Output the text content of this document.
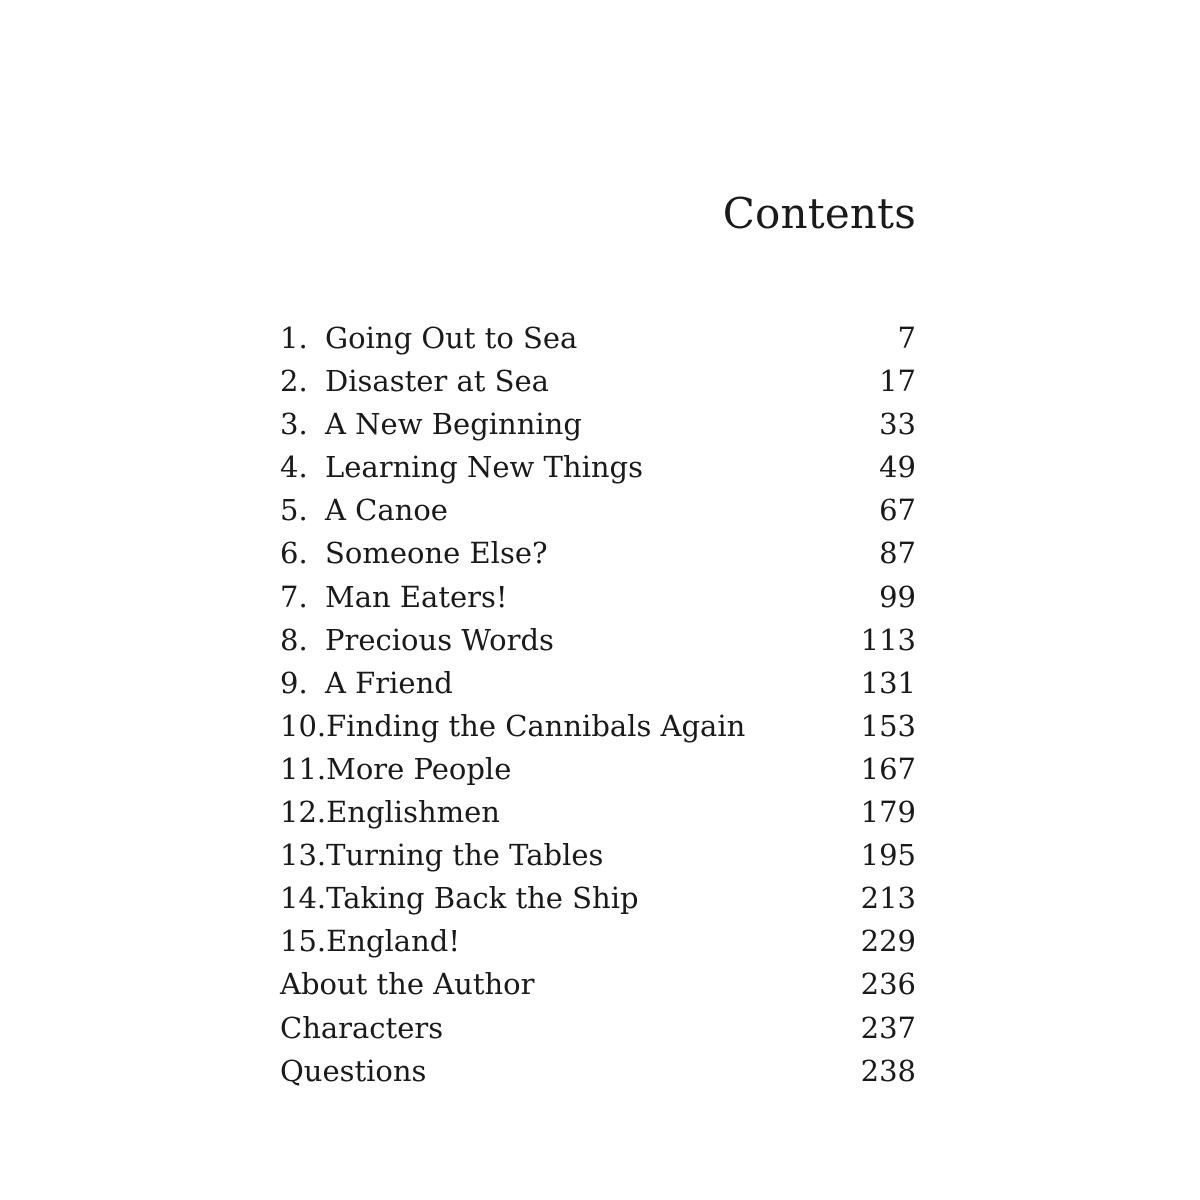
Contents
1. Going Out to Sea	7
2. Disaster at Sea	17
3. A New Beginning	33
4. Learning New Things	49
5. A Canoe	67
6. Someone Else?	87
7. Man Eaters!	99
8. Precious Words	113
9. A Friend	131
10. Finding the Cannibals Again	153
11. More People	167
12. Englishmen	179
13. Turning the Tables	195
14. Taking Back the Ship	213
15. England!	229
About the Author	236
Characters	237
Questions	238
